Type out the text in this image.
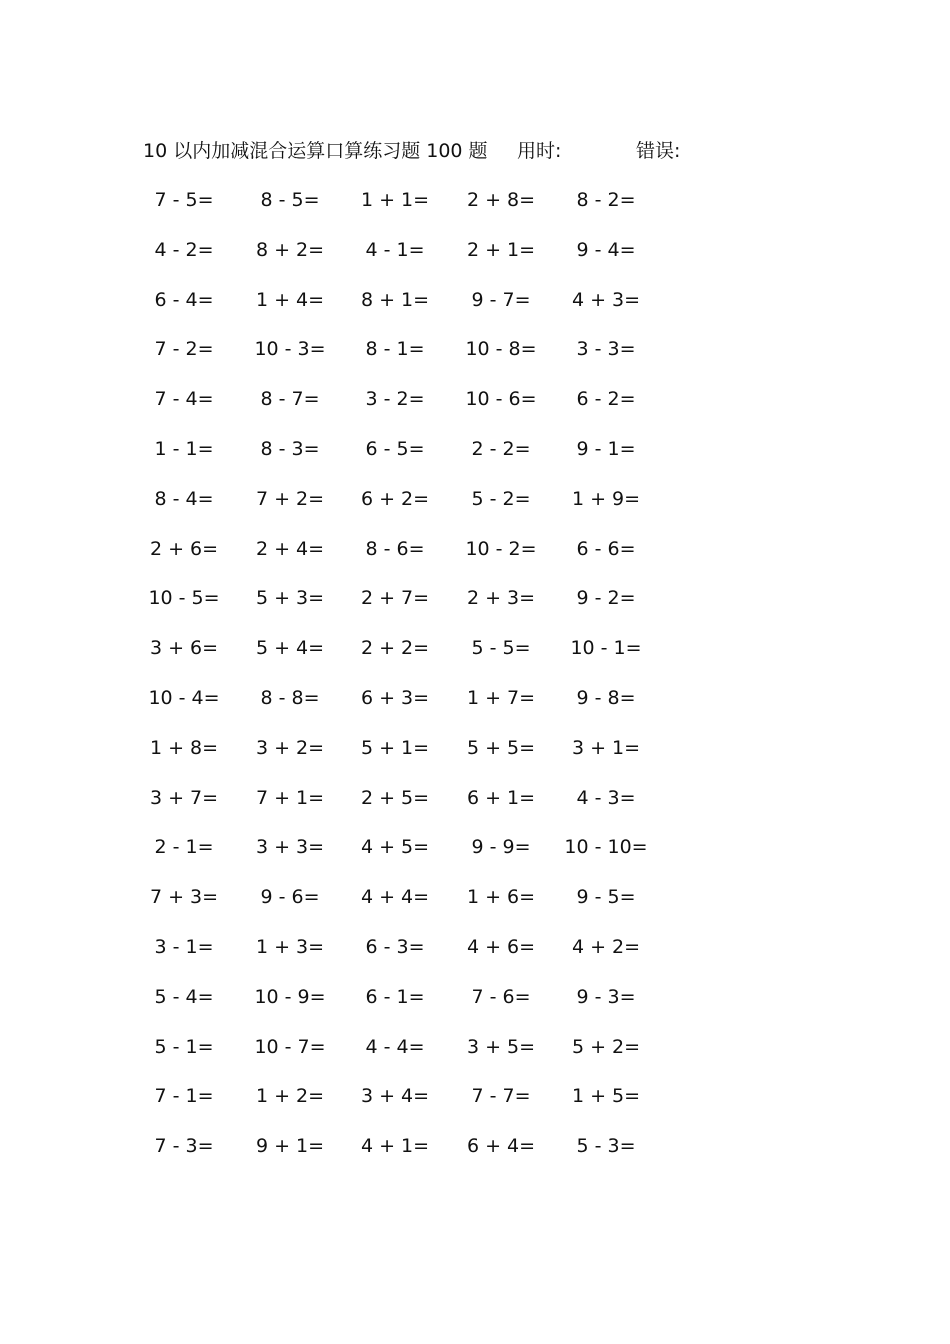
10 以内加减混合运算口算练习题 100 题 用时:	错误:
7 - 5=	8 - 5=	1 + 1=	2 + 8=	8 - 2=
4 - 2=	8 + 2=	4 - 1=	2 + 1=	9 - 4=
6 - 4=	1 + 4=	8 + 1=	9 - 7=	4 + 3=
7 - 2=	10 - 3=	8 - 1=	10 - 8=	3 - 3=
7 - 4=	8 - 7=	3 - 2=	10 - 6=	6 - 2=
1 - 1=	8 - 3=	6 - 5=	2 - 2=	9 - 1=
8 - 4=	7 + 2=	6 + 2=	5 - 2=	1 + 9=
2 + 6=	2 + 4=	8 - 6=	10 - 2=	6 - 6=
10 - 5=	5 + 3=	2 + 7=	2 + 3=	9 - 2=
3 + 6=	5 + 4=	2 + 2=	5 - 5=	10 - 1=
10 - 4=	8 - 8=	6 + 3=	1 + 7=	9 - 8=
1 + 8=	3 + 2=	5 + 1=	5 + 5=	3 + 1=
3 + 7=	7 + 1=	2 + 5=	6 + 1=	4 - 3=
2 - 1=	3 + 3=	4 + 5=	9 - 9=	10 - 10=
7 + 3=	9 - 6=	4 + 4=	1 + 6=	9 - 5=
3 - 1=	1 + 3=	6 - 3=	4 + 6=	4 + 2=
5 - 4=	10 - 9=	6 - 1=	7 - 6=	9 - 3=
5 - 1=	10 - 7=	4 - 4=	3 + 5=	5 + 2=
7 - 1=	1 + 2=	3 + 4=	7 - 7=	1 + 5=
7 - 3=	9 + 1=	4 + 1=	6 + 4=	5 - 3=
